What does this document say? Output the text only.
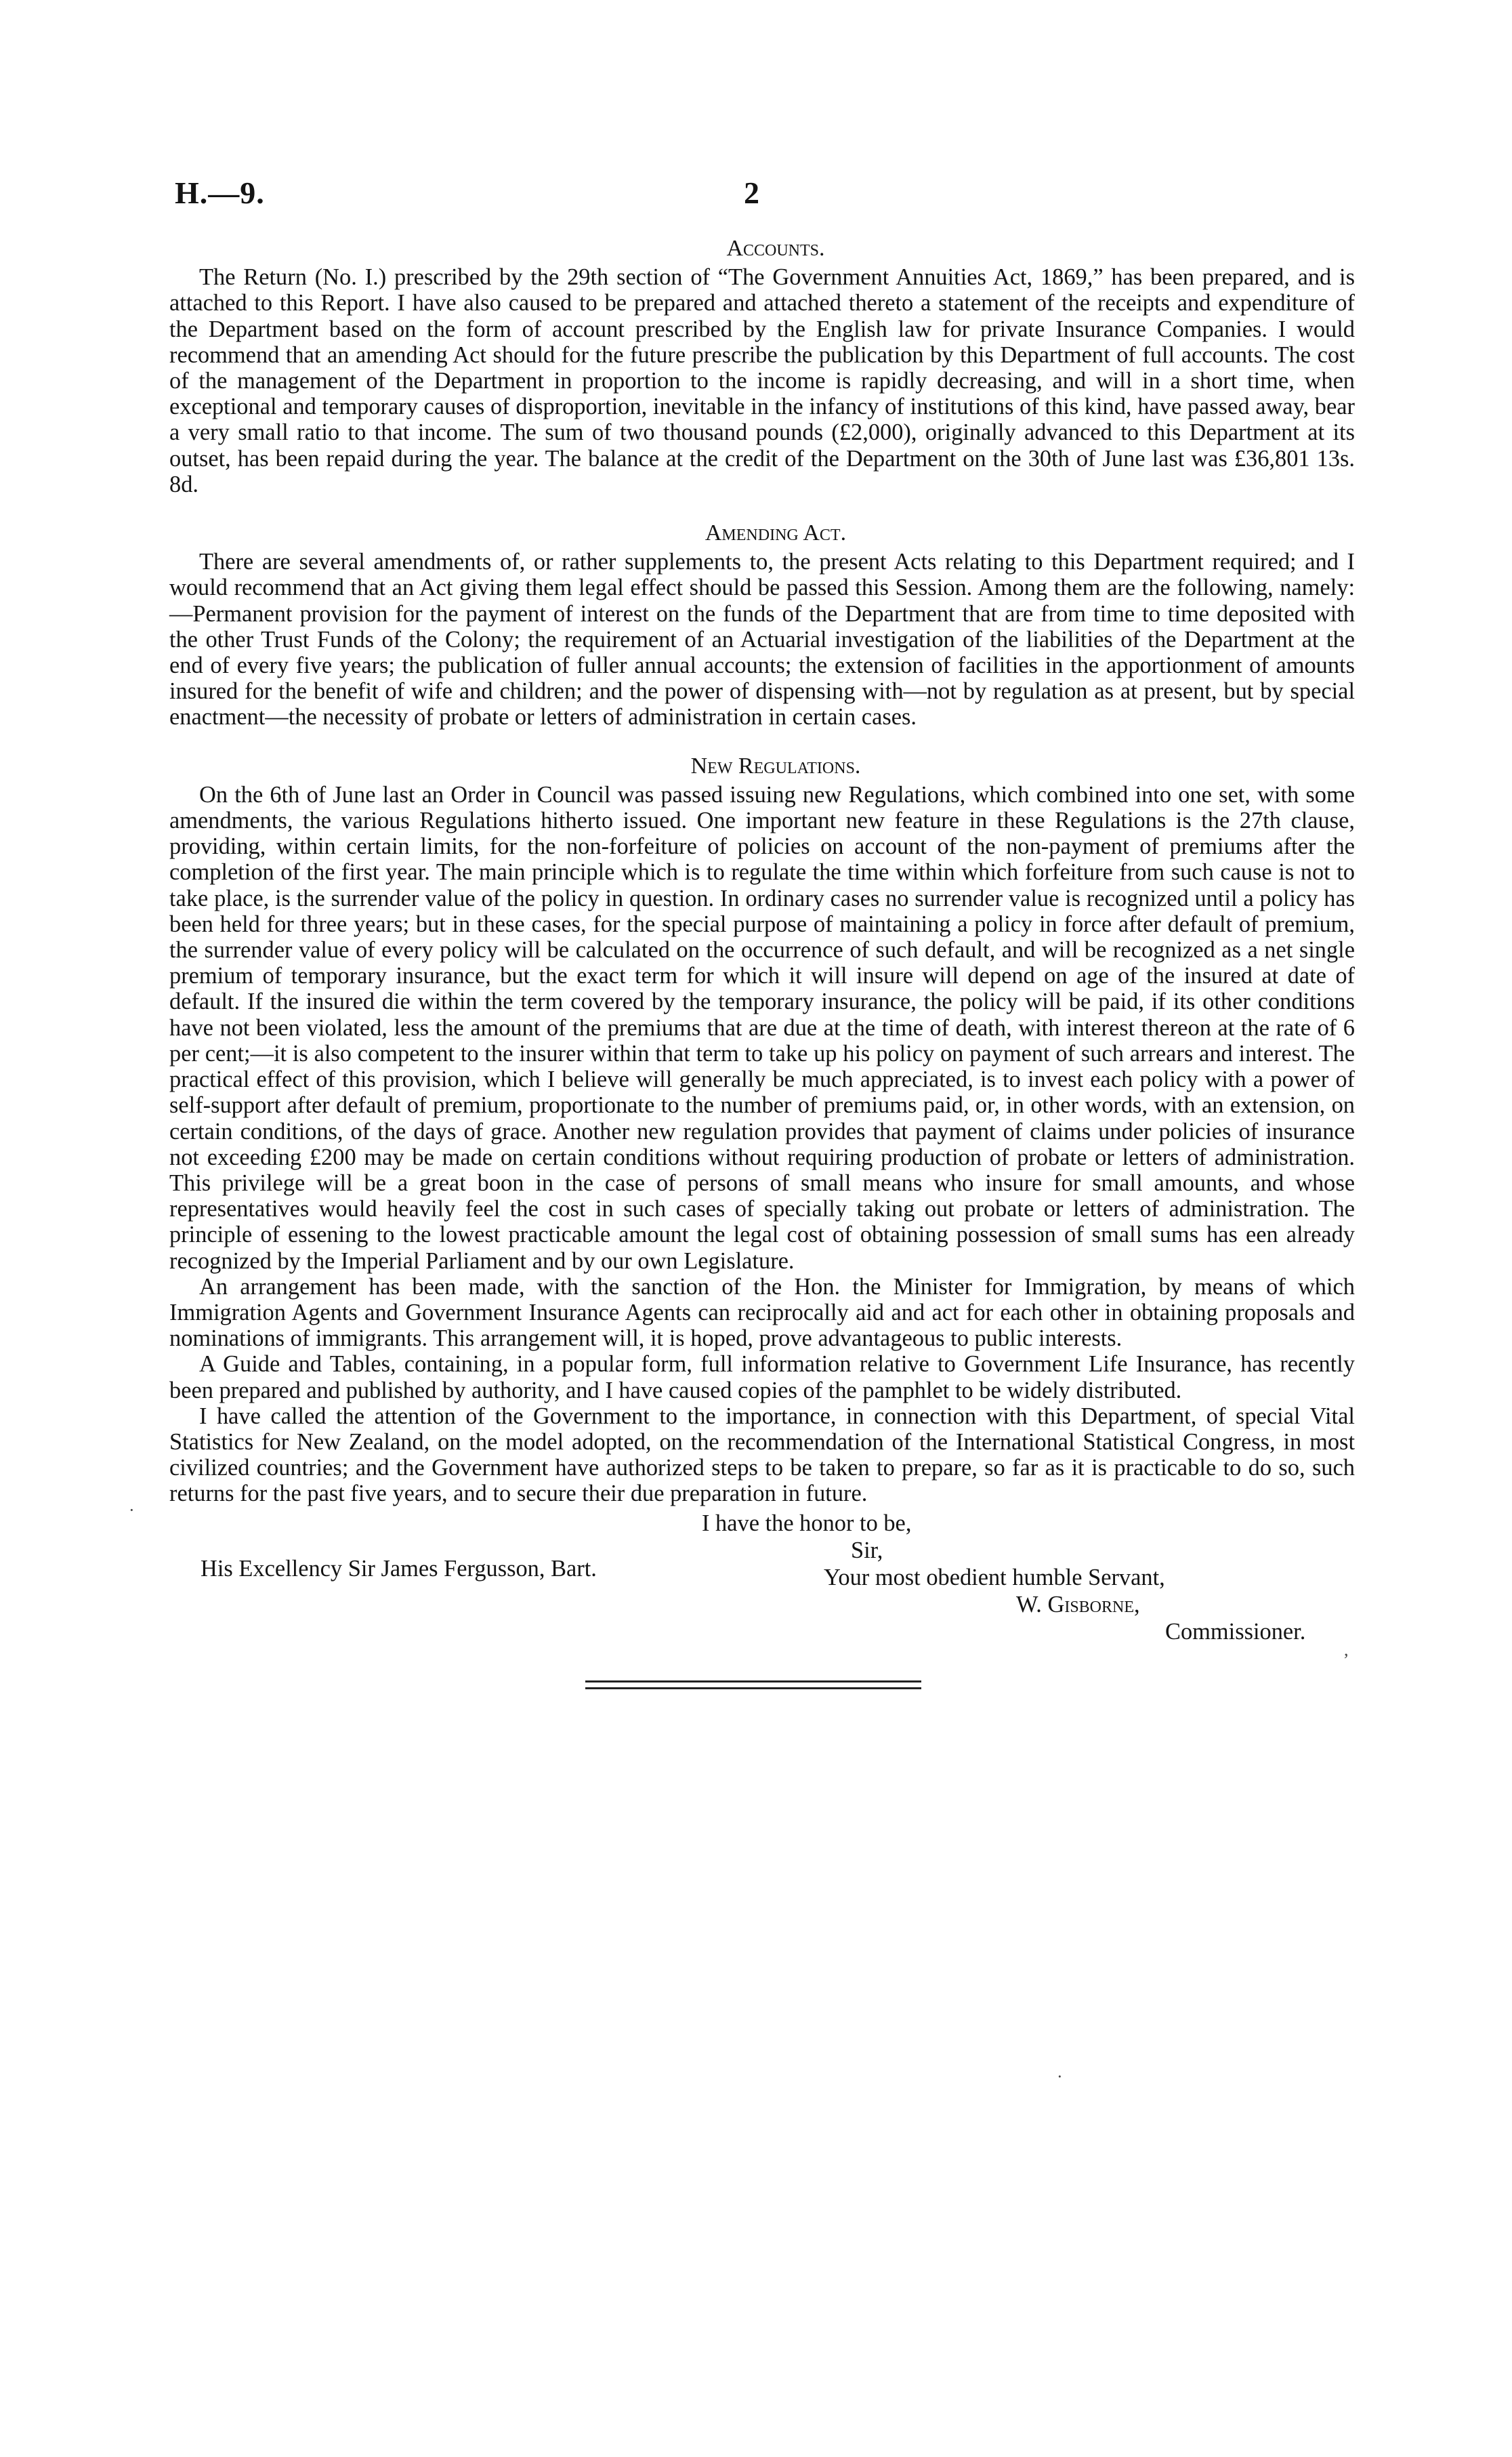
H.—9.	2
Accounts.

The Return (No. I.) prescribed by the 29th section of “The Government Annuities Act, 1869,” has been prepared, and is attached to this Report. I have also caused to be prepared and attached thereto a statement of the receipts and expenditure of the Department based on the form of account prescribed by the English law for private Insurance Companies. I would recommend that an amending Act should for the future prescribe the publication by this Department of full accounts. The cost of the management of the Department in proportion to the income is rapidly decreasing, and will in a short time, when exceptional and temporary causes of disproportion, inevitable in the infancy of institutions of this kind, have passed away, bear a very small ratio to that income. The sum of two thousand pounds (£2,000), originally advanced to this Department at its outset, has been repaid during the year. The balance at the credit of the Department on the 30th of June last was £36,801 13s. 8d.

Amending Act.

There are several amendments of, or rather supplements to, the present Acts relating to this Department required; and I would recommend that an Act giving them legal effect should be passed this Session. Among them are the following, namely:—Permanent provision for the payment of interest on the funds of the Department that are from time to time deposited with the other Trust Funds of the Colony; the requirement of an Actuarial investigation of the liabilities of the Department at the end of every five years; the publication of fuller annual accounts; the extension of facilities in the apportionment of amounts insured for the benefit of wife and children; and the power of dispensing with—not by regulation as at present, but by special enactment—the necessity of probate or letters of administration in certain cases.

New Regulations.

On the 6th of June last an Order in Council was passed issuing new Regulations, which combined into one set, with some amendments, the various Regulations hitherto issued. One important new feature in these Regulations is the 27th clause, providing, within certain limits, for the non-forfeiture of policies on account of the non-payment of premiums after the completion of the first year. The main principle which is to regulate the time within which forfeiture from such cause is not to take place, is the surrender value of the policy in question. In ordinary cases no surrender value is recognized until a policy has been held for three years; but in these cases, for the special purpose of maintaining a policy in force after default of premium, the surrender value of every policy will be calculated on the occurrence of such default, and will be recognized as a net single premium of temporary insurance, but the exact term for which it will insure will depend on age of the insured at date of default. If the insured die within the term covered by the temporary insurance, the policy will be paid, if its other conditions have not been violated, less the amount of the premiums that are due at the time of death, with interest thereon at the rate of 6 per cent;—it is also competent to the insurer within that term to take up his policy on payment of such arrears and interest. The practical effect of this provision, which I believe will generally be much appreciated, is to invest each policy with a power of self-support after default of premium, proportionate to the number of premiums paid, or, in other words, with an extension, on certain conditions, of the days of grace. Another new regulation provides that payment of claims under policies of insurance not exceeding £200 may be made on certain conditions without requiring production of probate or letters of administration. This privilege will be a great boon in the case of persons of small means who insure for small amounts, and whose representatives would heavily feel the cost in such cases of specially taking out probate or letters of administration. The principle of essening to the lowest practicable amount the legal cost of obtaining possession of small sums has een already recognized by the Imperial Parliament and by our own Legislature.

An arrangement has been made, with the sanction of the Hon. the Minister for Immigration, by means of which Immigration Agents and Government Insurance Agents can reciprocally aid and act for each other in obtaining proposals and nominations of immigrants. This arrangement will, it is hoped, prove advantageous to public interests.

A Guide and Tables, containing, in a popular form, full information relative to Government Life Insurance, has recently been prepared and published by authority, and I have caused copies of the pamphlet to be widely distributed.

I have called the attention of the Government to the importance, in connection with this Department, of special Vital Statistics for New Zealand, on the model adopted, on the recommendation of the International Statistical Congress, in most civilized countries; and the Government have authorized steps to be taken to prepare, so far as it is practicable to do so, such returns for the past five years, and to secure their due preparation in future.

I have the honor to be,
Sir,
Your most obedient humble Servant,
W. Gisborne,
Commissioner.
His Excellency Sir James Fergusson, Bart.
·
,
·
